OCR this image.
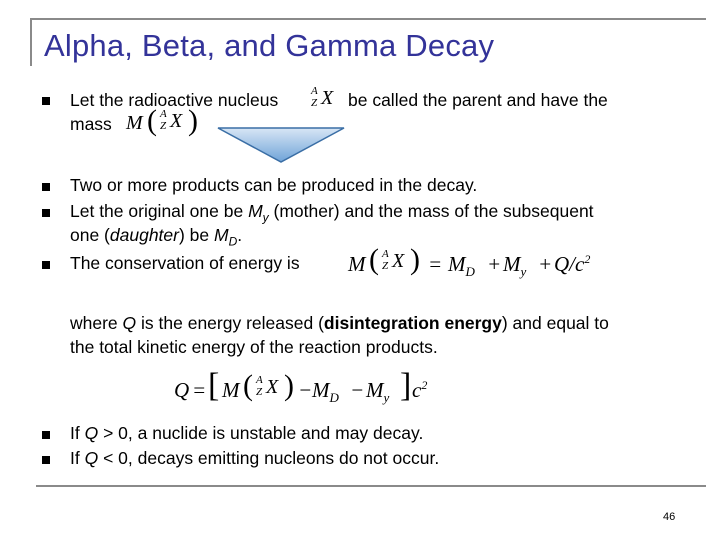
Alpha, Beta, and Gamma Decay
Let the radioactive nucleus	A
Z X be called the parent and have the
mass M ( A
Z X )
Two or more products can be produced in the decay.
Let the original one be $M_y$ (mother) and the mass of the subsequent
one (daughter) be $M_D$.
The conservation of energy is M ( A
Z X ) = $M_D + M_y + Q/c^2$
where Q is the energy released (disintegration energy) and equal to
the total kinetic energy of the reaction products.
Q = [ M ( A
Z X ) − $M_D - M_y$ ] $c^2$
If Q > 0, a nuclide is unstable and may decay.
If Q < 0, decays emitting nucleons do not occur.
46
